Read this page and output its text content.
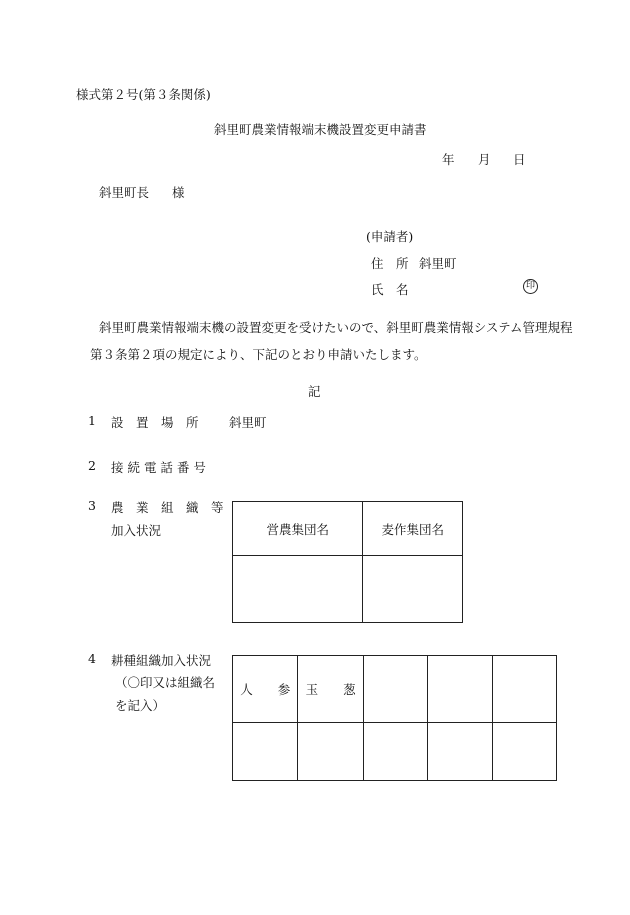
様式第２号(第３条関係)
斜里町農業情報端末機設置変更申請書
年 月 日
斜里町長 様
(申請者)
住　所 斜里町
氏　名	印
斜里町農業情報端末機の設置変更を受けたいので、斜里町農業情報システム管理規程
第３条第２項の規定により、下記のとおり申請いたします。
記
1 設　置　場　所 斜里町
2 接 続 電 話 番 号
3 農　業　組　織　等
加入状況	営農集団名	麦作集団名

4 耕種組織加入状況
（〇印又は組織名
を記入）
人　　参	玉　　葱			
